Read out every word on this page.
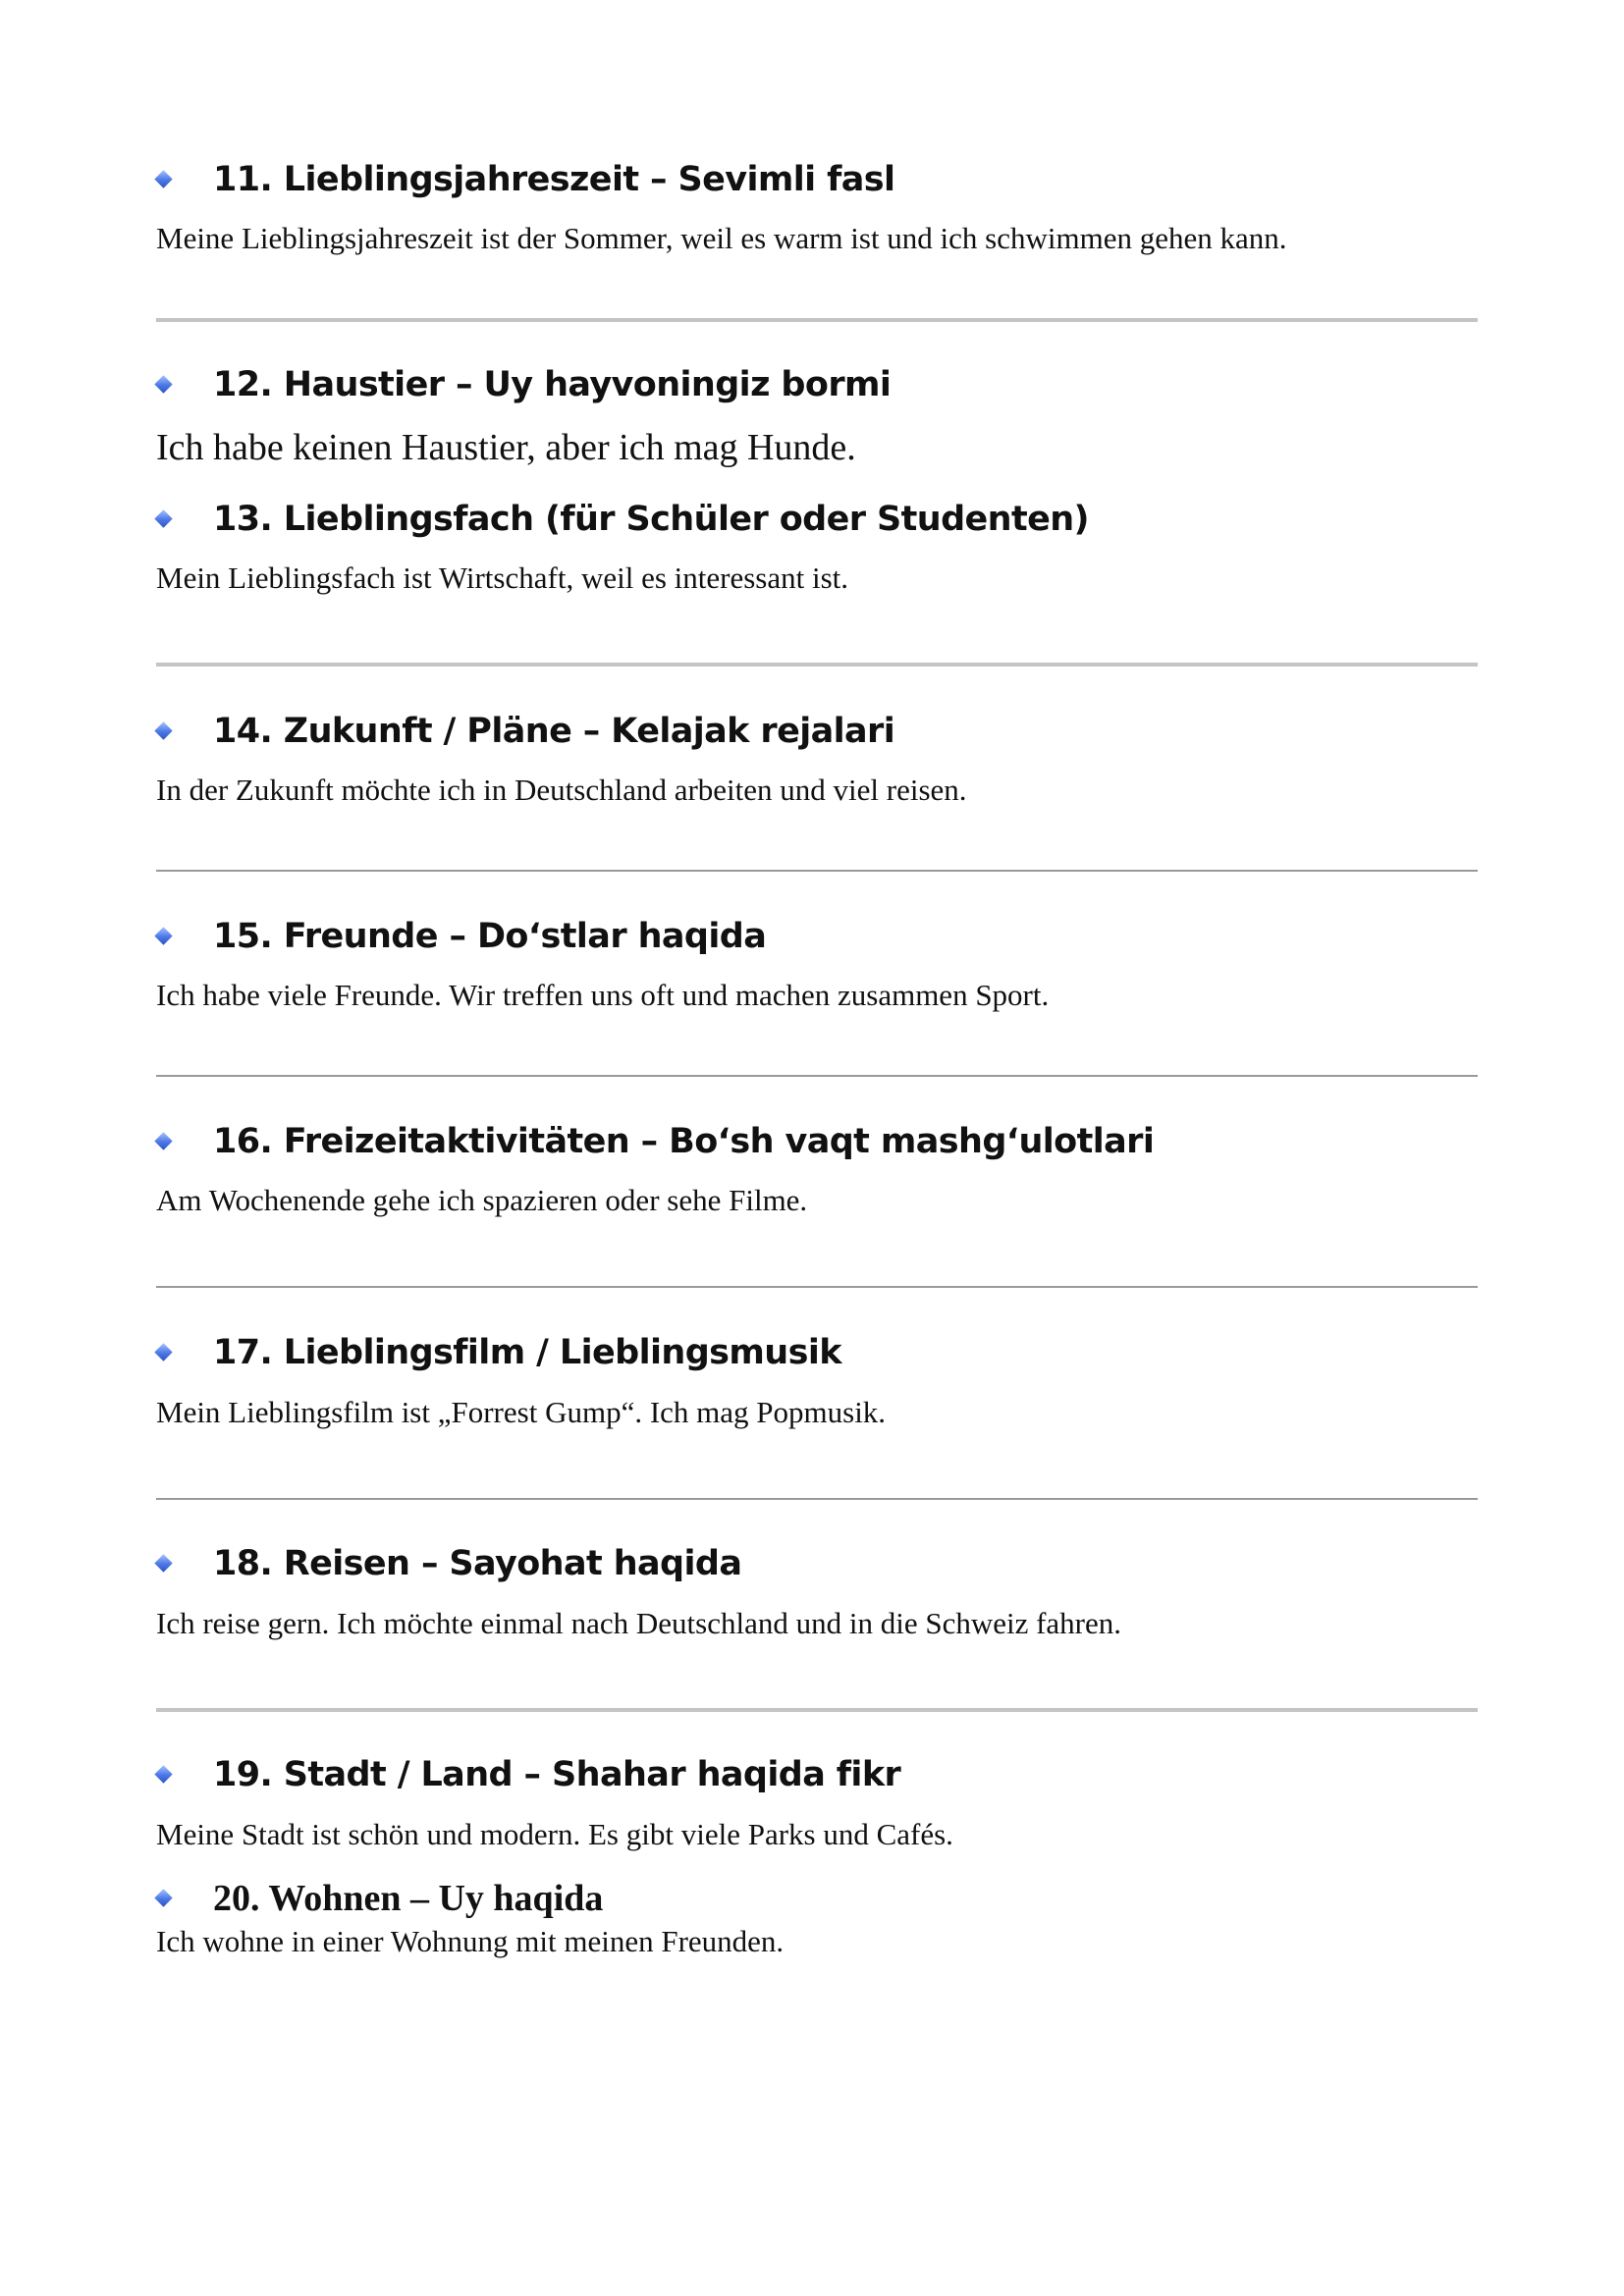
11. Lieblingsjahreszeit – Sevimli fasl

Meine Lieblingsjahreszeit ist der Sommer, weil es warm ist und ich schwimmen gehen kann.

12. Haustier – Uy hayvoningiz bormi

Ich habe keinen Haustier, aber ich mag Hunde.

13. Lieblingsfach (für Schüler oder Studenten)

Mein Lieblingsfach ist Wirtschaft, weil es interessant ist.

14. Zukunft / Pläne – Kelajak rejalari

In der Zukunft möchte ich in Deutschland arbeiten und viel reisen.

15. Freunde – Doʻstlar haqida

Ich habe viele Freunde. Wir treffen uns oft und machen zusammen Sport.

16. Freizeitaktivitäten – Boʻsh vaqt mashgʻulotlari

Am Wochenende gehe ich spazieren oder sehe Filme.

17. Lieblingsfilm / Lieblingsmusik

Mein Lieblingsfilm ist „Forrest Gump“. Ich mag Popmusik.

18. Reisen – Sayohat haqida

Ich reise gern. Ich möchte einmal nach Deutschland und in die Schweiz fahren.

19. Stadt / Land – Shahar haqida fikr

Meine Stadt ist schön und modern. Es gibt viele Parks und Cafés.

20. Wohnen – Uy haqida

Ich wohne in einer Wohnung mit meinen Freunden.
